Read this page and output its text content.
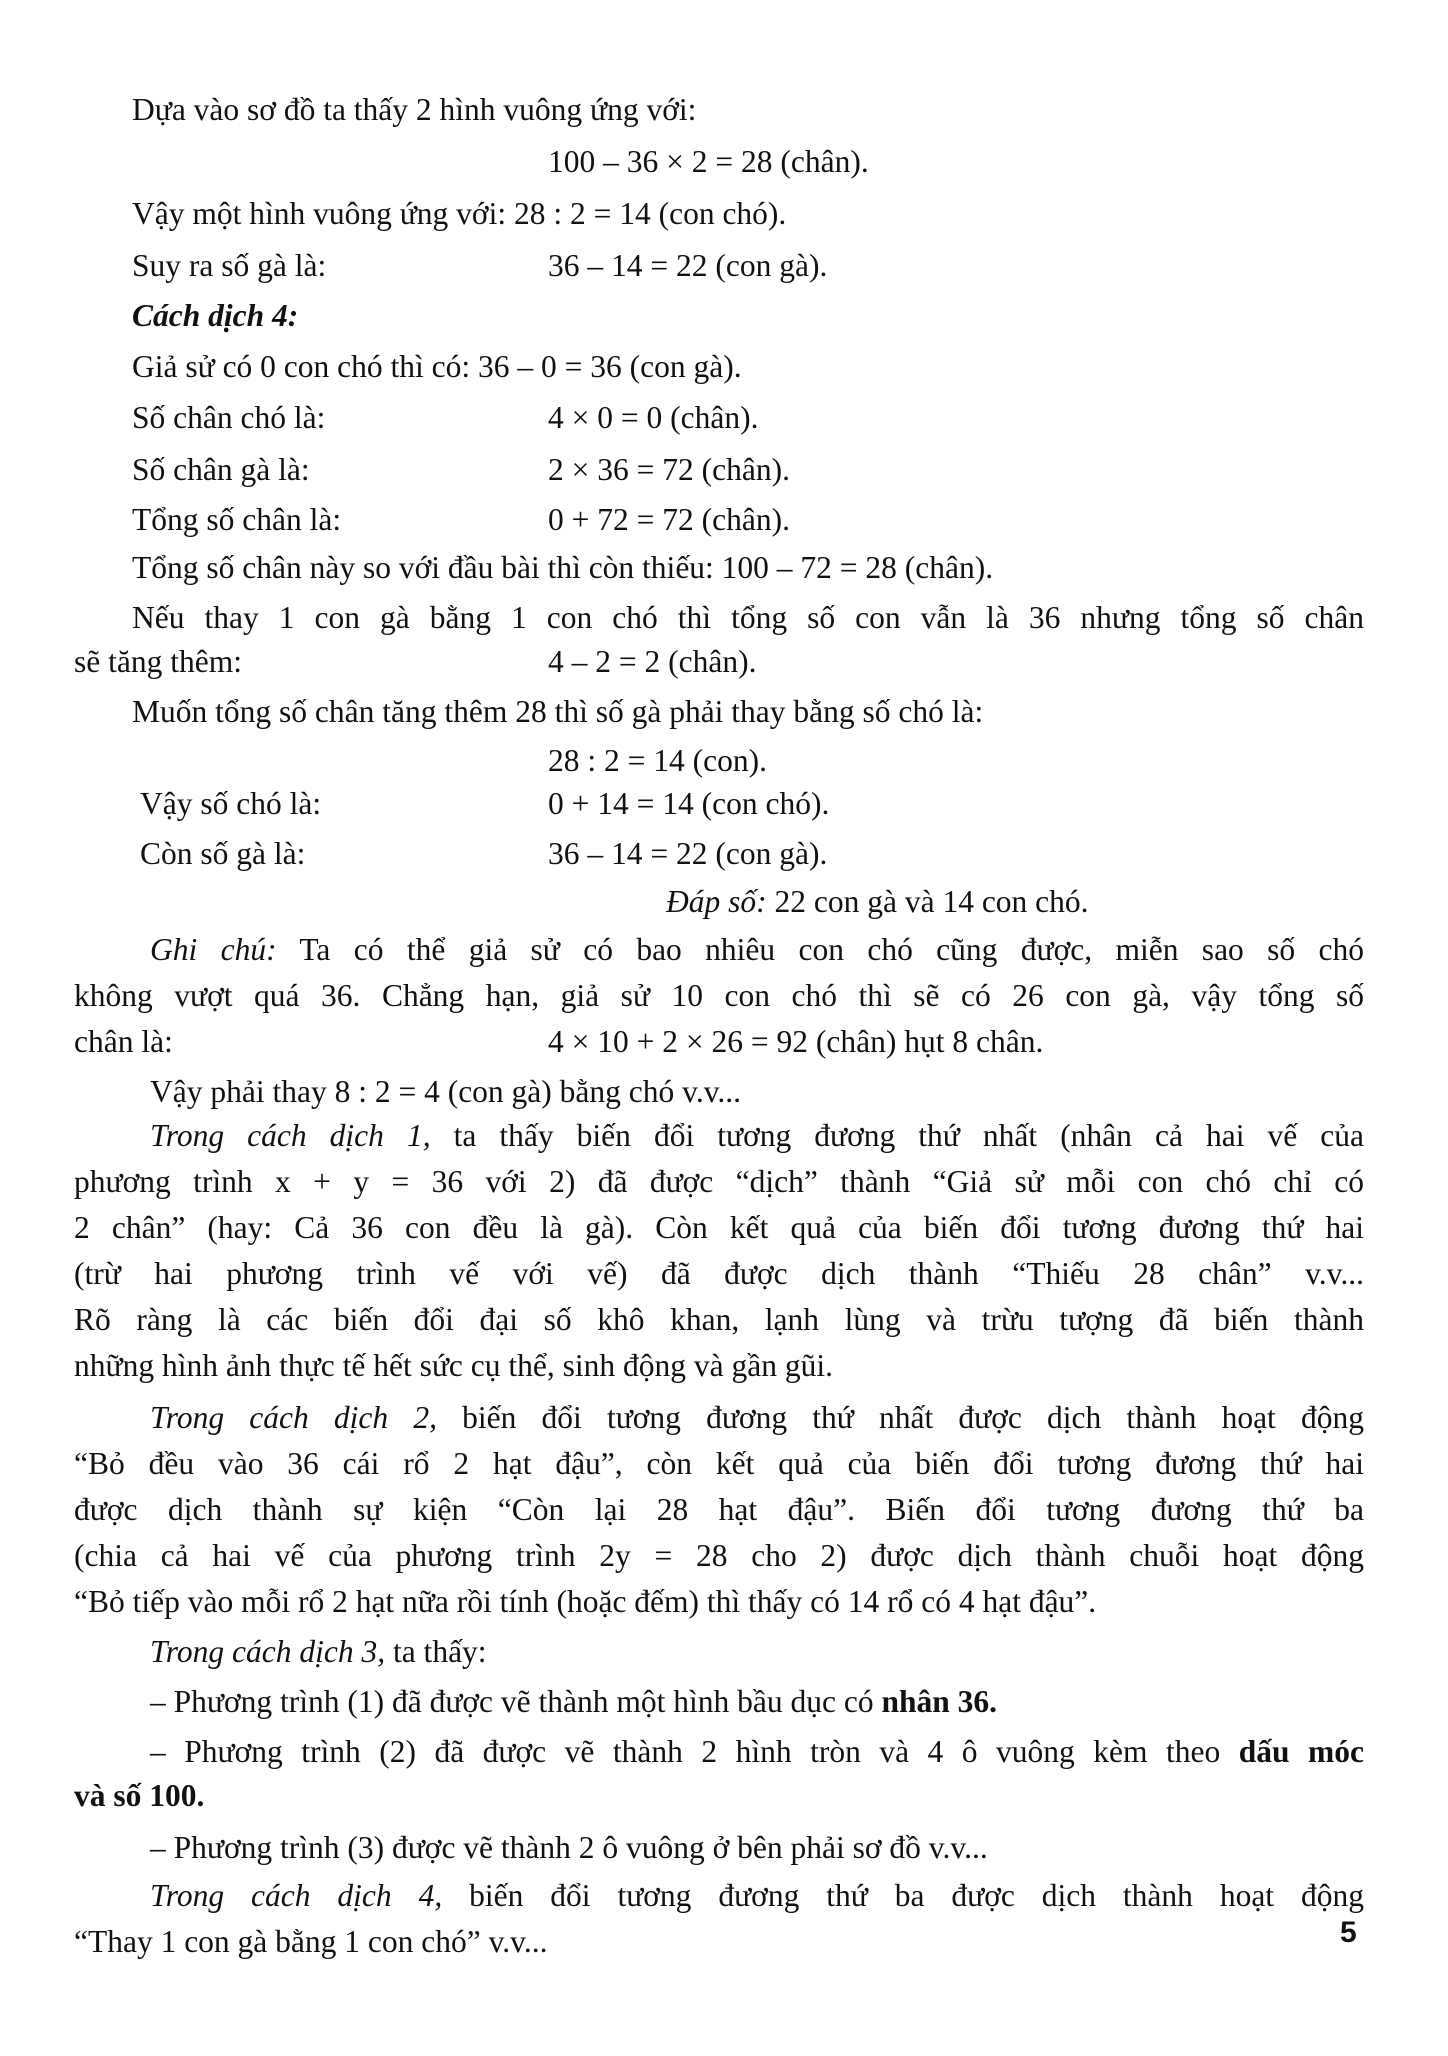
Dựa vào sơ đồ ta thấy 2 hình vuông ứng với:
100 – 36 × 2 = 28 (chân).
Vậy một hình vuông ứng với: 28 : 2 = 14 (con chó).
Suy ra số gà là:	36 – 14 = 22 (con gà).
Cách dịch 4:
Giả sử có 0 con chó thì có: 36 – 0 = 36 (con gà).
Số chân chó là:	4 × 0 = 0 (chân).
Số chân gà là:	2 × 36 = 72 (chân).
Tổng số chân là:	0 + 72 = 72 (chân).
Tổng số chân này so với đầu bài thì còn thiếu: 100 – 72 = 28 (chân).
Nếu thay 1 con gà bằng 1 con chó thì tổng số con vẫn là 36 nhưng tổng số chân
sẽ tăng thêm:	4 – 2 = 2 (chân).
Muốn tổng số chân tăng thêm 28 thì số gà phải thay bằng số chó là:
28 : 2 = 14 (con).
Vậy số chó là:	0 + 14 = 14 (con chó).
Còn số gà là:	36 – 14 = 22 (con gà).
Đáp số: 22 con gà và 14 con chó.
Ghi chú: Ta có thể giả sử có bao nhiêu con chó cũng được, miễn sao số chó
không vượt quá 36. Chẳng hạn, giả sử 10 con chó thì sẽ có 26 con gà, vậy tổng số
chân là:	4 × 10 + 2 × 26 = 92 (chân) hụt 8 chân.
Vậy phải thay 8 : 2 = 4 (con gà) bằng chó v.v...
Trong cách dịch 1, ta thấy biến đổi tương đương thứ nhất (nhân cả hai vế của
phương trình x + y = 36 với 2) đã được “dịch” thành “Giả sử mỗi con chó chỉ có
2 chân” (hay: Cả 36 con đều là gà). Còn kết quả của biến đổi tương đương thứ hai
(trừ hai phương trình vế với vế) đã được dịch thành “Thiếu 28 chân” v.v...
Rõ ràng là các biến đổi đại số khô khan, lạnh lùng và trừu tượng đã biến thành
những hình ảnh thực tế hết sức cụ thể, sinh động và gần gũi.
Trong cách dịch 2, biến đổi tương đương thứ nhất được dịch thành hoạt động
“Bỏ đều vào 36 cái rổ 2 hạt đậu”, còn kết quả của biến đổi tương đương thứ hai
được dịch thành sự kiện “Còn lại 28 hạt đậu”. Biến đổi tương đương thứ ba
(chia cả hai vế của phương trình 2y = 28 cho 2) được dịch thành chuỗi hoạt động
“Bỏ tiếp vào mỗi rổ 2 hạt nữa rồi tính (hoặc đếm) thì thấy có 14 rổ có 4 hạt đậu”.
Trong cách dịch 3, ta thấy:
– Phương trình (1) đã được vẽ thành một hình bầu dục có nhân 36.
– Phương trình (2) đã được vẽ thành 2 hình tròn và 4 ô vuông kèm theo dấu móc
và số 100.
– Phương trình (3) được vẽ thành 2 ô vuông ở bên phải sơ đồ v.v...
Trong cách dịch 4, biến đổi tương đương thứ ba được dịch thành hoạt động
“Thay 1 con gà bằng 1 con chó” v.v...	5
